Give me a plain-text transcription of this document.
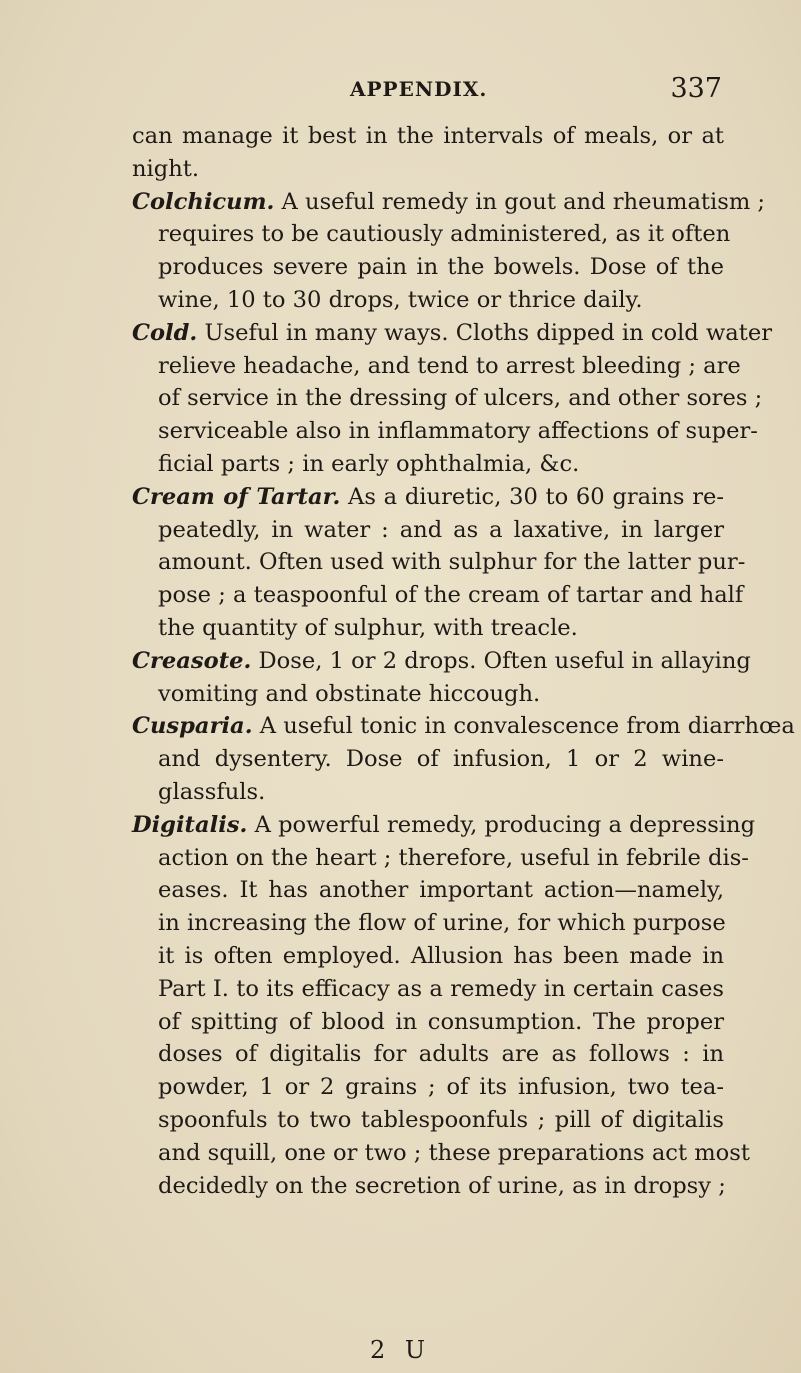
APPENDIX.	337
can manage it best in the intervals of meals, or at
night.
Colchicum. A useful remedy in gout and rheumatism ;
requires to be cautiously administered, as it often
produces severe pain in the bowels. Dose of the
wine, 10 to 30 drops, twice or thrice daily.
Cold. Useful in many ways. Cloths dipped in cold water
relieve headache, and tend to arrest bleeding ; are
of service in the dressing of ulcers, and other sores ;
serviceable also in inflammatory affections of super-
ficial parts ; in early ophthalmia, &c.
Cream of Tartar. As a diuretic, 30 to 60 grains re-
peatedly, in water : and as a laxative, in larger
amount. Often used with sulphur for the latter pur-
pose ; a teaspoonful of the cream of tartar and half
the quantity of sulphur, with treacle.
Creasote. Dose, 1 or 2 drops. Often useful in allaying
vomiting and obstinate hiccough.
Cusparia. A useful tonic in convalescence from diarrhœa
and dysentery. Dose of infusion, 1 or 2 wine-
glassfuls.
Digitalis. A powerful remedy, producing a depressing
action on the heart ; therefore, useful in febrile dis-
eases. It has another important action—namely,
in increasing the flow of urine, for which purpose
it is often employed. Allusion has been made in
Part I. to its efficacy as a remedy in certain cases
of spitting of blood in consumption. The proper
doses of digitalis for adults are as follows : in
powder, 1 or 2 grains ; of its infusion, two tea-
spoonfuls to two tablespoonfuls ; pill of digitalis
and squill, one or two ; these preparations act most
decidedly on the secretion of urine, as in dropsy ;
2 U
